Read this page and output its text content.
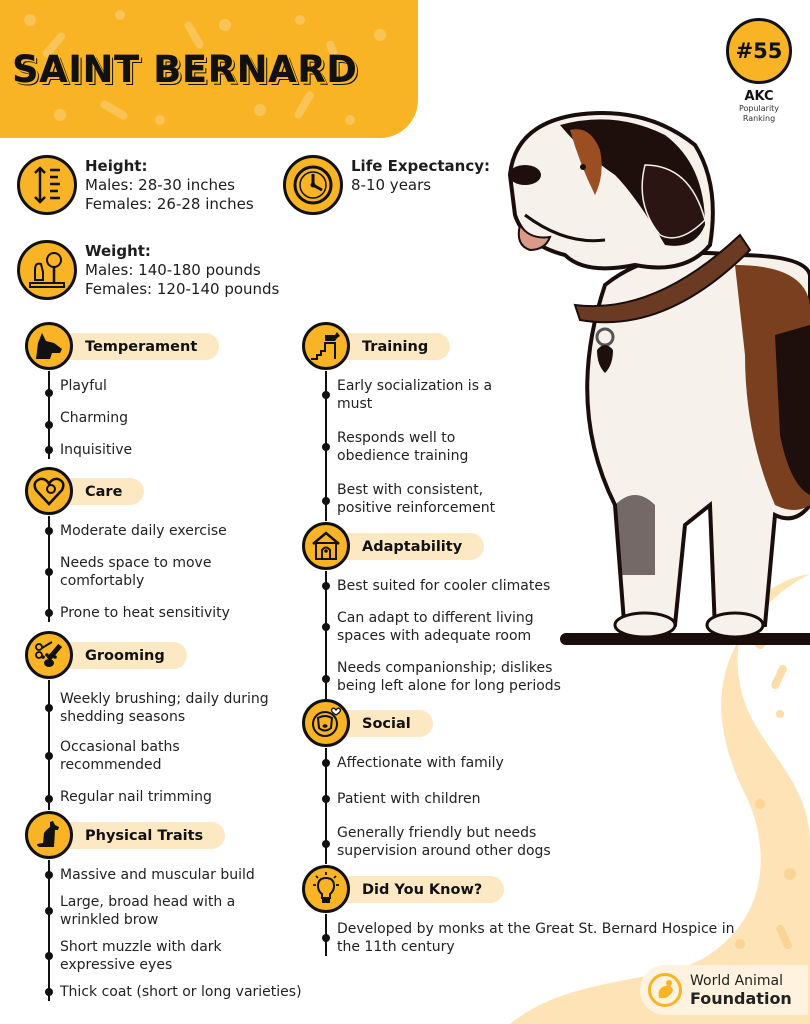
SAINT BERNARD	#55
AKC
Popularity
Ranking
Height:
Males: 28-30 inches
Females: 26-28 inches
Life Expectancy:
8-10 years
Weight:
Males: 140-180 pounds
Females: 120-140 pounds
Temperament
Playful
Charming
Inquisitive
Care
Moderate daily exercise
Needs space to move comfortably
Prone to heat sensitivity
Grooming
Weekly brushing; daily during shedding seasons
Occasional baths recommended
Regular nail trimming
Physical Traits
Massive and muscular build
Large, broad head with a wrinkled brow
Short muzzle with dark expressive eyes
Thick coat (short or long varieties)
Training
Early socialization is a must
Responds well to obedience training
Best with consistent, positive reinforcement
Adaptability
Best suited for cooler climates
Can adapt to different living spaces with adequate room
Needs companionship; dislikes being left alone for long periods
Social
Affectionate with family
Patient with children
Generally friendly but needs supervision around other dogs
Did You Know?
Developed by monks at the Great St. Bernard Hospice in the 11th century
World Animal
Foundation
